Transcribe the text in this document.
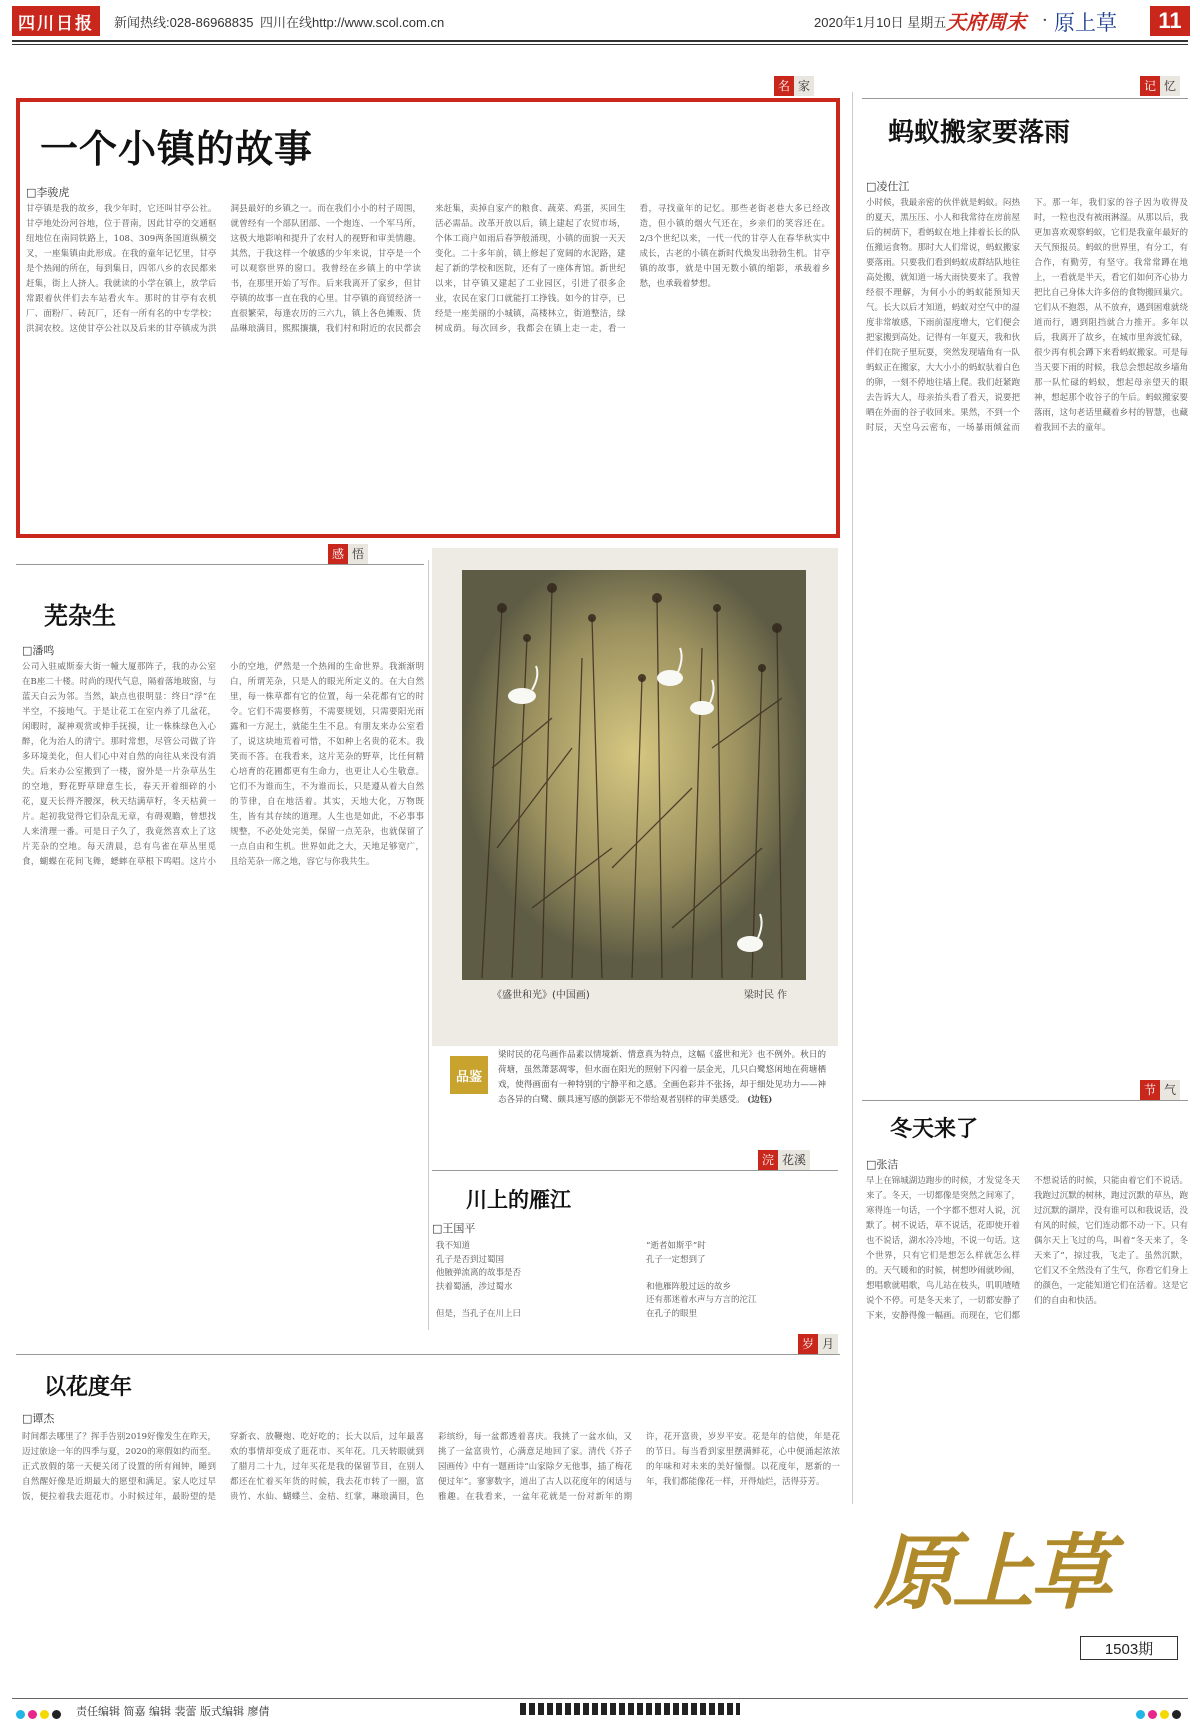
四川日报 新闻热线:028-86968835 四川在线http://www.scol.com.cn	2020年1月10日 星期五 天府周末 · 原上草 11
名 家
一个小镇的故事
□李骏虎
甘亭镇是我的故乡，我少年时，它还叫甘亭公社。甘亭地处汾河谷地，位于晋南，因此甘亭的交通枢纽地位在南同铁路上，108、309两条国道纵横交叉，一座集镇由此形成。在我的童年记忆里，甘亭是个热闹的所在，每到集日，四邻八乡的农民都来赶集，街上人挤人。我就读的小学在镇上，放学后常跟着伙伴们去车站看火车。那时的甘亭有农机厂、面粉厂、砖瓦厂，还有一所有名的中专学校；洪洞农校。这使甘亭公社以及后来的甘亭镇成为洪洞县最好的乡镇之一。而在我们小小的村子周围，就曾经有一个部队团部、一个炮连、一个军马所，这极大地影响和提升了农村人的视野和审美情趣。其然，于我这样一个敏感的少年来说，甘亭是一个可以观察世界的窗口。我曾经在乡镇上的中学读书，在那里开始了写作。后来我离开了家乡，但甘亭镇的故事一直在我的心里。甘亭镇的商贸经济一直很繁荣，每逢农历的三六九，镇上各色摊贩、货品琳琅满目，熙熙攘攘，我们村和附近的农民都会来赶集，卖掉自家产的粮食、蔬菜、鸡蛋，买回生活必需品。改革开放以后，镇上建起了农贸市场，个体工商户如雨后春笋般涌现，小镇的面貌一天天变化。二十多年前，镇上修起了宽阔的水泥路，建起了新的学校和医院，还有了一座体育馆。新世纪以来，甘亭镇又建起了工业园区，引进了很多企业，农民在家门口就能打工挣钱。如今的甘亭，已经是一座美丽的小城镇，高楼林立，街道整洁，绿树成荫。每次回乡，我都会在镇上走一走，看一看，寻找童年的记忆。那些老街老巷大多已经改造，但小镇的烟火气还在，乡亲们的笑容还在。2/3个世纪以来，一代一代的甘亭人在春华秋实中成长，古老的小镇在新时代焕发出勃勃生机。甘亭镇的故事，就是中国无数小镇的缩影，承载着乡愁，也承载着梦想。
记 忆
蚂蚁搬家要落雨
□凌仕江
小时候，我最亲密的伙伴就是蚂蚁。闷热的夏天，黑压压、小人和我常待在房前屋后的树荫下，看蚂蚁在地上排着长长的队伍搬运食物。那时大人们常说，蚂蚁搬家要落雨。只要我们看到蚂蚁成群结队地往高处搬，就知道一场大雨快要来了。我曾经很不理解，为何小小的蚂蚁能预知天气。长大以后才知道，蚂蚁对空气中的湿度非常敏感，下雨前湿度增大，它们便会把家搬到高处。记得有一年夏天，我和伙伴们在院子里玩耍，突然发现墙角有一队蚂蚁正在搬家，大大小小的蚂蚁驮着白色的卵，一刻不停地往墙上爬。我们赶紧跑去告诉大人，母亲抬头看了看天，说要把晒在外面的谷子收回来。果然，不到一个时辰，天空乌云密布，一场暴雨倾盆而下。那一年，我们家的谷子因为收得及时，一粒也没有被雨淋湿。从那以后，我更加喜欢观察蚂蚁，它们是我童年最好的天气预报员。蚂蚁的世界里，有分工，有合作，有勤劳，有坚守。我常常蹲在地上，一看就是半天，看它们如何齐心协力把比自己身体大许多倍的食物搬回巢穴。它们从不抱怨，从不放弃，遇到困难就绕道而行，遇到阻挡就合力推开。多年以后，我离开了故乡，在城市里奔波忙碌，很少再有机会蹲下来看蚂蚁搬家。可是每当天要下雨的时候，我总会想起故乡墙角那一队忙碌的蚂蚁，想起母亲望天的眼神，想起那个收谷子的午后。蚂蚁搬家要落雨，这句老话里藏着乡村的智慧，也藏着我回不去的童年。
感 悟
芜杂生
□潘鸣
公司入驻威斯泰大街一幢大厦那阵子，我的办公室在B座二十楼。时尚的现代气息，隔着落地玻窗，与蓝天白云为邻。当然，缺点也很明显：终日“浮”在半空，不接地气。于是让花工在室内养了几盆花，闲暇时，凝神观赏或伸手抚摸，让一株株绿色入心醉，化为治人的清宁。那时常想，尽管公司做了许多环境美化，但人们心中对自然的向往从来没有消失。后来办公室搬到了一楼，窗外是一片杂草丛生的空地，野花野草肆意生长，春天开着细碎的小花，夏天长得齐腰深，秋天结满草籽，冬天枯黄一片。起初我觉得它们杂乱无章，有碍观瞻，曾想找人来清理一番。可是日子久了，我竟然喜欢上了这片芜杂的空地。每天清晨，总有鸟雀在草丛里觅食，蝴蝶在花间飞舞，蟋蟀在草根下鸣唱。这片小小的空地，俨然是一个热闹的生命世界。我渐渐明白，所谓芜杂，只是人的眼光所定义的。在大自然里，每一株草都有它的位置，每一朵花都有它的时令。它们不需要修剪，不需要规划，只需要阳光雨露和一方泥土，就能生生不息。有朋友来办公室看了，说这块地荒着可惜，不如种上名贵的花木。我笑而不答。在我看来，这片芜杂的野草，比任何精心培育的花圃都更有生命力，也更让人心生敬意。它们不为谁而生，不为谁而长，只是遵从着大自然的节律，自在地活着。其实，天地大化，万物既生，皆有其存续的道理。人生也是如此，不必事事规整，不必处处完美，保留一点芜杂，也就保留了一点自由和生机。世界如此之大，天地足够宽广，且给芜杂一席之地，容它与你我共生。
《盛世和光》(中国画)	梁时民 作
品鉴
梁时民的花鸟画作品素以情境新、情意真为特点，这幅《盛世和光》也不例外。秋日的荷塘，虽然萧瑟凋零，但水面在阳光的照射下闪着一层金光，几只白鹭悠闲地在荷塘栖戏，使得画面有一种特别的宁静平和之感。全画色彩并不张扬，却于细处见功力——神态各异的白鹭、颇具速写感的倒影无不带给观者别样的审美感受。 (边钰)
浣 花溪
川上的雁江
□王国平
我不知道
孔子是否到过蜀国
他腋弹流离的故事是否
扶着蜀涵，涉过蜀水

但是，当孔子在川上曰
“逝者如斯乎”时
孔子一定想到了

和他雁阵般过远的故乡
还有那迷着水声与方言的沱江
在孔子的眼里

节 气
冬天来了
□张洁
早上在锦城湖边跑步的时候，才发觉冬天来了。冬天，一切都像是突然之间寒了，寒得连一句话，一个字都不想对人说，沉默了。树不说话，草不说话，花即使开着也不说话，湖水冷冷地，不说一句话。这个世界，只有它们是想怎么样就怎么样的。天气暖和的时候，树想吵闹就吵闹，想唱歌就唱歌，鸟儿站在枝头，叽叽喳喳说个不停。可是冬天来了，一切都安静了下来，安静得像一幅画。而现在，它们都不想说话的时候，只能由着它们不说话。我跑过沉默的树林，跑过沉默的草丛，跑过沉默的湖岸，没有谁可以和我说话，没有风的时候，它们连动都不动一下。只有偶尔天上飞过的鸟，叫着“冬天来了，冬天来了”，掠过我，飞走了。虽然沉默，它们又不全然没有了生气，你看它们身上的颜色，一定能知道它们在活着。这是它们的自由和快活。
岁 月
以花度年
□谭杰
时间都去哪里了？挥手告别2019好像发生在昨天，迈过旅途一年的四季与夏，2020的寒假如约而至。正式放假的第一天便关闭了设置的所有闹钟，睡到自然醒好像是近期最大的愿望和满足。家人吃过早饭，便拉着我去逛花市。小时候过年，最盼望的是穿新衣、放鞭炮、吃好吃的；长大以后，过年最喜欢的事情却变成了逛花市、买年花。几天转眼就到了腊月二十九，过年买花是我的保留节目，在别人都还在忙着买年货的时候，我去花市转了一圈，富贵竹、水仙、蝴蝶兰、金桔、红掌，琳琅满目，色彩缤纷，每一盆都透着喜庆。我挑了一盆水仙，又挑了一盆富贵竹，心满意足地回了家。清代《芥子园画传》中有一题画诗“山家除夕无他事，插了梅花便过年”。寥寥数字，道出了古人以花度年的闲适与雅趣。在我看来，一盆年花就是一份对新年的期许，花开富贵，岁岁平安。花是年的信使，年是花的节日。每当看到家里摆满鲜花，心中便涌起浓浓的年味和对未来的美好憧憬。以花度年，愿新的一年，我们都能像花一样，开得灿烂，活得芬芳。
原上草
1503期
责任编辑 简嘉 编辑 裴蕾 版式编辑 廖倩
